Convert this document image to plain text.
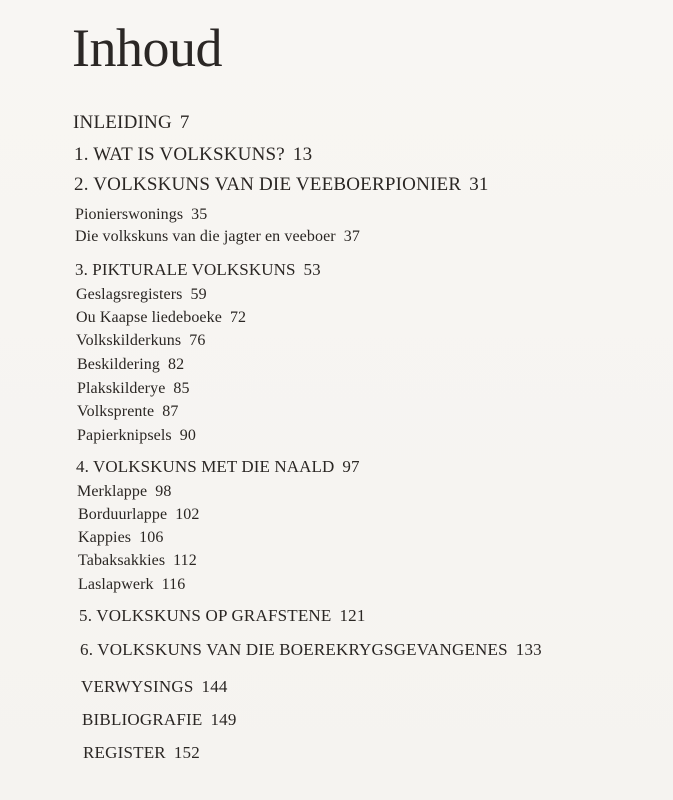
Inhoud
INLEIDING 7
1. WAT IS VOLKSKUNS? 13
2. VOLKSKUNS VAN DIE VEEBOERPIONIER 31
Pionierswonings 35
Die volkskuns van die jagter en veeboer 37
3. PIKTURALE VOLKSKUNS 53
Geslagsregisters 59
Ou Kaapse liedeboeke 72
Volkskilderkuns 76
Beskildering 82
Plakskilderye 85
Volksprente 87
Papierknipsels 90
4. VOLKSKUNS MET DIE NAALD 97
Merklappe 98
Borduurlappe 102
Kappies 106
Tabaksakkies 112
Laslapwerk 116
5. VOLKSKUNS OP GRAFSTENE 121
6. VOLKSKUNS VAN DIE BOEREKRYGSGEVANGENES 133
VERWYSINGS 144
BIBLIOGRAFIE 149
REGISTER 152
